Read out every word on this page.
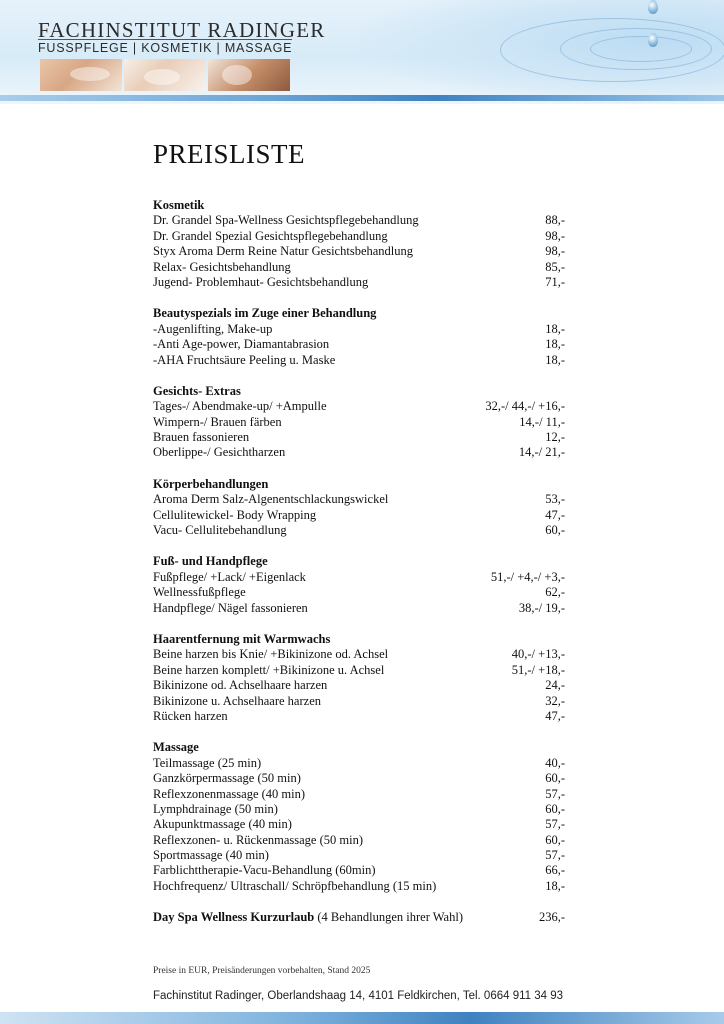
FACHINSTITUT RADINGER
FUSSPFLEGE | KOSMETIK | MASSAGE
PREISLISTE
Kosmetik
Dr. Grandel Spa-Wellness Gesichtspflegebehandlung	88,-
Dr. Grandel Spezial Gesichtspflegebehandlung	98,-
Styx Aroma Derm Reine Natur Gesichtsbehandlung	98,-
Relax- Gesichtsbehandlung	85,-
Jugend- Problemhaut- Gesichtsbehandlung	71,-
Beautyspezials im Zuge einer Behandlung
-Augenlifting, Make-up	18,-
-Anti Age-power, Diamantabrasion	18,-
-AHA Fruchtsäure Peeling u. Maske	18,-
Gesichts- Extras
Tages-/ Abendmake-up/ +Ampulle	32,-/ 44,-/ +16,-
Wimpern-/ Brauen färben	14,-/ 11,-
Brauen fassonieren	12,-
Oberlippe-/ Gesichtharzen	14,-/ 21,-
Körperbehandlungen
Aroma Derm Salz-Algenentschlackungswickel	53,-
Cellulitewickel- Body Wrapping	47,-
Vacu- Cellulitebehandlung	60,-
Fuß- und Handpflege
Fußpflege/ +Lack/ +Eigenlack	51,-/ +4,-/ +3,-
Wellnessfußpflege	62,-
Handpflege/ Nägel fassonieren	38,-/ 19,-
Haarentfernung mit Warmwachs
Beine harzen bis Knie/ +Bikinizone od. Achsel	40,-/ +13,-
Beine harzen komplett/ +Bikinizone u. Achsel	51,-/ +18,-
Bikinizone od. Achselhaare harzen	24,-
Bikinizone u. Achselhaare harzen	32,-
Rücken harzen	47,-
Massage
Teilmassage (25 min)	40,-
Ganzkörpermassage (50 min)	60,-
Reflexzonenmassage (40 min)	57,-
Lymphdrainage (50 min)	60,-
Akupunktmassage (40 min)	57,-
Reflexzonen- u. Rückenmassage (50 min)	60,-
Sportmassage (40 min)	57,-
Farblichttherapie-Vacu-Behandlung (60min)	66,-
Hochfrequenz/ Ultraschall/ Schröpfbehandlung (15 min)	18,-
Day Spa Wellness Kurzurlaub (4 Behandlungen ihrer Wahl)	236,-
Preise in EUR, Preisänderungen vorbehalten, Stand 2025
Fachinstitut Radinger, Oberlandshaag 14, 4101 Feldkirchen, Tel. 0664 911 34 93
